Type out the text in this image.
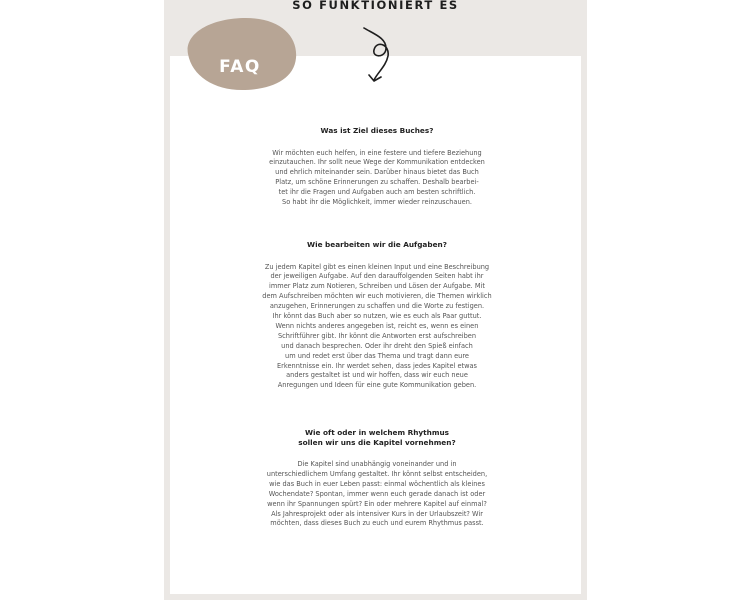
SO FUNKTIONIERT ES
FAQ

Was ist Ziel dieses Buches?

Wir möchten euch helfen, in eine festere und tiefere Beziehung
einzutauchen. Ihr sollt neue Wege der Kommunikation entdecken
und ehrlich miteinander sein. Darüber hinaus bietet das Buch
Platz, um schöne Erinnerungen zu schaffen. Deshalb bearbei-
tet ihr die Fragen und Aufgaben auch am besten schriftlich.
So habt ihr die Möglichkeit, immer wieder reinzuschauen.

Wie bearbeiten wir die Aufgaben?

Zu jedem Kapitel gibt es einen kleinen Input und eine Beschreibung
der jeweiligen Aufgabe. Auf den darauffolgenden Seiten habt ihr
immer Platz zum Notieren, Schreiben und Lösen der Aufgabe. Mit
dem Aufschreiben möchten wir euch motivieren, die Themen wirklich
anzugehen, Erinnerungen zu schaffen und die Worte zu festigen.
Ihr könnt das Buch aber so nutzen, wie es euch als Paar guttut.
Wenn nichts anderes angegeben ist, reicht es, wenn es einen
Schriftführer gibt. Ihr könnt die Antworten erst aufschreiben
und danach besprechen. Oder ihr dreht den Spieß einfach
um und redet erst über das Thema und tragt dann eure
Erkenntnisse ein. Ihr werdet sehen, dass jedes Kapitel etwas
anders gestaltet ist und wir hoffen, dass wir euch neue
Anregungen und Ideen für eine gute Kommunikation geben.

Wie oft oder in welchem Rhythmus
sollen wir uns die Kapitel vornehmen?

Die Kapitel sind unabhängig voneinander und in
unterschiedlichem Umfang gestaltet. Ihr könnt selbst entscheiden,
wie das Buch in euer Leben passt: einmal wöchentlich als kleines
Wochendate? Spontan, immer wenn euch gerade danach ist oder
wenn ihr Spannungen spürt? Ein oder mehrere Kapitel auf einmal?
Als Jahresprojekt oder als intensiver Kurs in der Urlaubszeit? Wir
möchten, dass dieses Buch zu euch und eurem Rhythmus passt.
